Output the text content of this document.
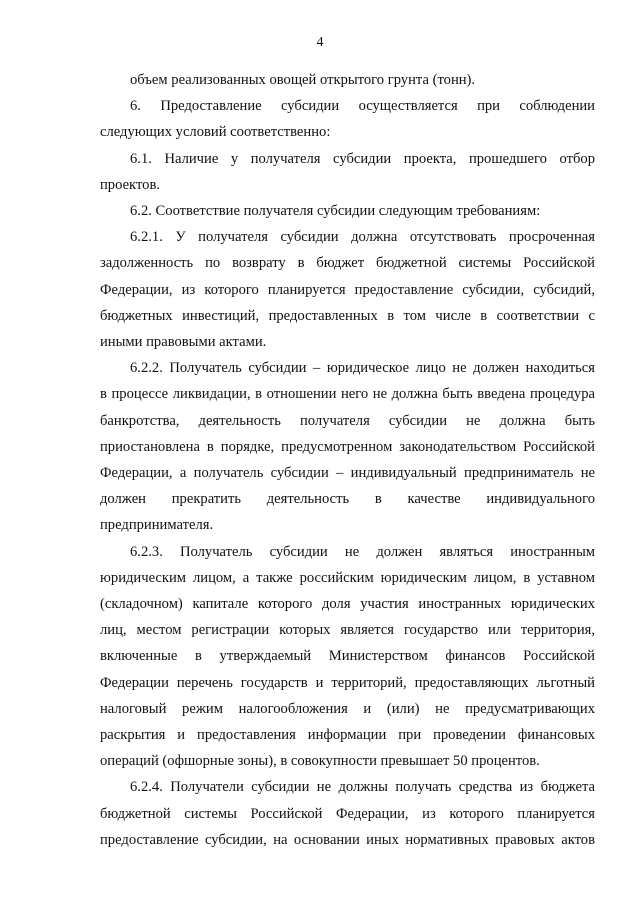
4
объем реализованных овощей открытого грунта (тонн).
6. Предоставление субсидии осуществляется при соблюдении
следующих условий соответственно:
6.1. Наличие у получателя субсидии проекта, прошедшего отбор
проектов.
6.2. Соответствие получателя субсидии следующим требованиям:
6.2.1. У получателя субсидии должна отсутствовать просроченная
задолженность по возврату в бюджет бюджетной системы Российской
Федерации, из которого планируется предоставление субсидии, субсидий,
бюджетных инвестиций, предоставленных в том числе в соответствии с
иными правовыми актами.
6.2.2. Получатель субсидии – юридическое лицо не должен находиться
в процессе ликвидации, в отношении него не должна быть введена процедура
банкротства, деятельность получателя субсидии не должна быть
приостановлена в порядке, предусмотренном законодательством Российской
Федерации, а получатель субсидии – индивидуальный предприниматель не
должен прекратить деятельность в качестве индивидуального
предпринимателя.
6.2.3. Получатель субсидии не должен являться иностранным
юридическим лицом, а также российским юридическим лицом, в уставном
(складочном) капитале которого доля участия иностранных юридических
лиц, местом регистрации которых является государство или территория,
включенные в утверждаемый Министерством финансов Российской
Федерации перечень государств и территорий, предоставляющих льготный
налоговый режим налогообложения и (или) не предусматривающих
раскрытия и предоставления информации при проведении финансовых
операций (офшорные зоны), в совокупности превышает 50 процентов.
6.2.4. Получатели субсидии не должны получать средства из бюджета
бюджетной системы Российской Федерации, из которого планируется
предоставление субсидии, на основании иных нормативных правовых актов
